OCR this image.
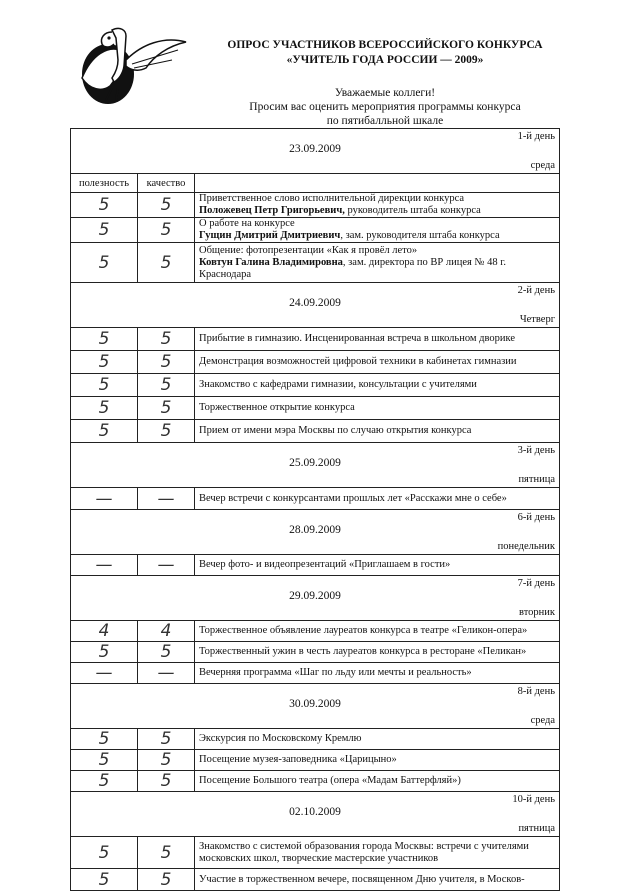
ОПРОС УЧАСТНИКОВ ВСЕРОССИЙСКОГО КОНКУРСА
«УЧИТЕЛЬ ГОДА РОССИИ — 2009»
Уважаемые коллеги!
Просим вас оценить мероприятия программы конкурса
по пятибалльной шкале
1-й день
23.09.2009
среда		

полезность	качество	
5	5	Приветственное слово исполнительной дирекции конкурса
Положевец Петр Григорьевич, руководитель штаба конкурса

5	5	О работе на конкурсе
Гущин Дмитрий Дмитриевич, зам. руководителя штаба конкурса

5	5	Общение: фотопрезентации «Как я провёл лето»
Ковтун Галина Владимировна, зам. директора по ВР лицея № 48 г. Краснодара

2-й день
24.09.2009
Четверг		

5	5	Прибытие в гимназию. Инсценированная встреча в школьном дворике

5	5	Демонстрация возможностей цифровой техники в кабинетах гимназии

5	5	Знакомство с кафедрами гимназии, консультации с учителями

5	5	Торжественное открытие конкурса

5	5	Прием от имени мэра Москвы по случаю открытия конкурса

3-й день
25.09.2009
пятница		

—	—	Вечер встречи с конкурсантами прошлых лет «Расскажи мне о себе»

6-й день
28.09.2009
понедельник		

—	—	Вечер фото- и видеопрезентаций «Приглашаем в гости»

7-й день
29.09.2009
вторник		

4	4	Торжественное объявление лауреатов конкурса в театре «Геликон-опера»

5	5	Торжественный ужин в честь лауреатов конкурса в ресторане «Пеликан»

—	—	Вечерняя программа «Шаг по льду или мечты и реальность»

8-й день
30.09.2009
среда		

5	5	Экскурсия по Московскому Кремлю

5	5	Посещение музея-заповедника «Царицыно»

5	5	Посещение Большого театра (опера «Мадам Баттерфляй»)

10-й день
02.10.2009
пятница		

5	5	Знакомство с системой образования города Москвы: встречи с учителями московских школ, творческие мастерские участников

5	5	Участие в торжественном вечере, посвященном Дню учителя, в Москов-
